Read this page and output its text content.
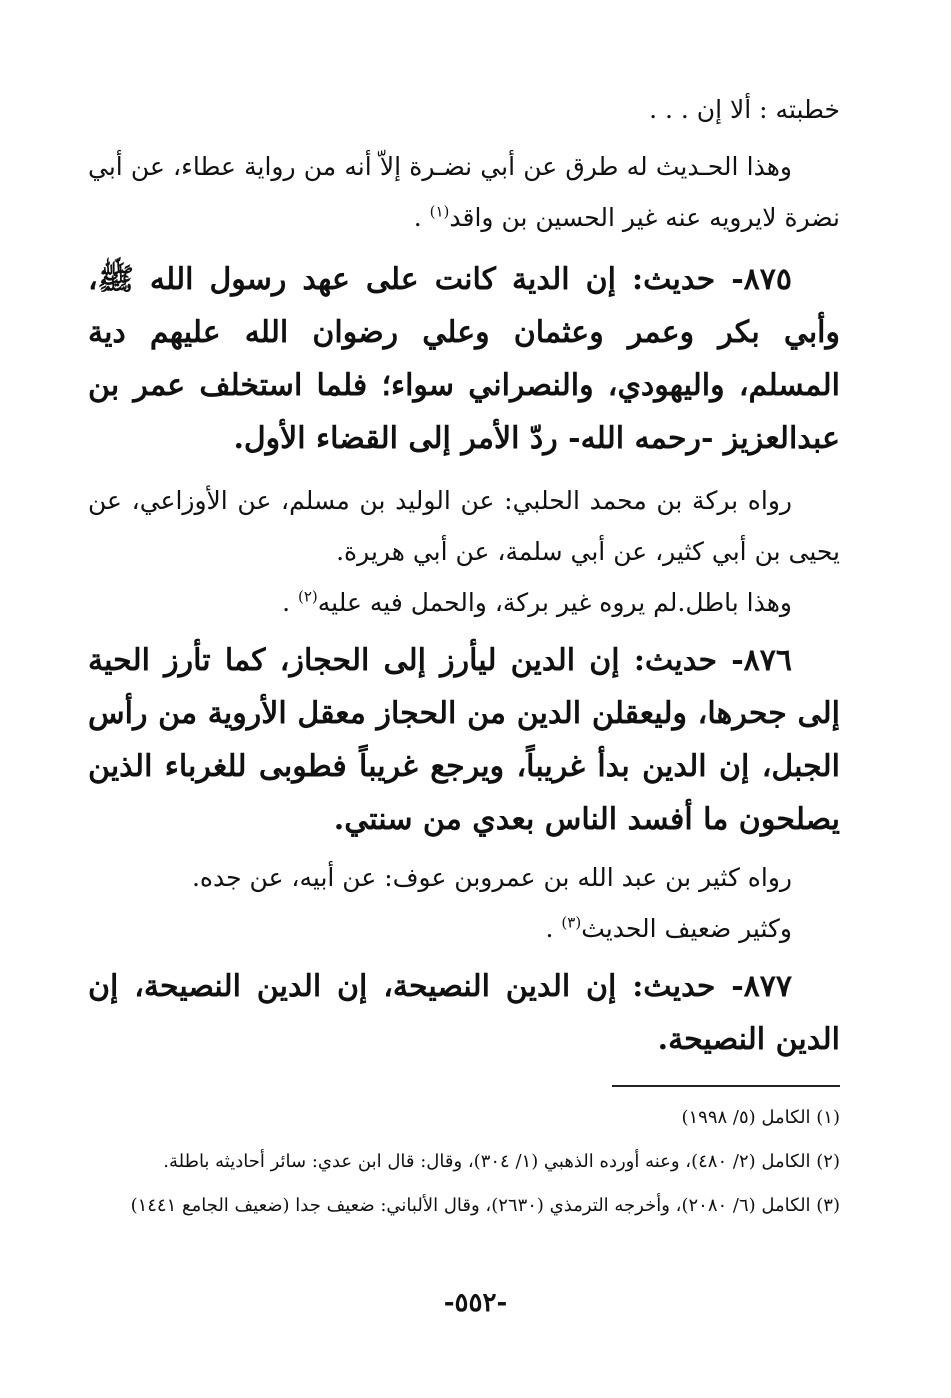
خطبته : ألا إن . . .

وهذا الحـديث له طرق عن أبي نضـرة إلاّ أنه من رواية عطاء، عن أبي نضرة لايرويه عنه غير الحسين بن واقد$^{(١)}$ .

٨٧٥- حديث: إن الدية كانت على عهد رسول الله ﷺ، وأبي بكر وعمر وعثمان وعلي رضوان الله عليهم دية المسلم، واليهودي، والنصراني سواء؛ فلما استخلف عمر بن عبدالعزيز -رحمه الله- ردّ الأمر إلى القضاء الأول.

رواه بركة بن محمد الحلبي: عن الوليد بن مسلم، عن الأوزاعي، عن يحيى بن أبي كثير، عن أبي سلمة، عن أبي هريرة.

وهذا باطل.لم يروه غير بركة، والحمل فيه عليه$^{(٢)}$ .

٨٧٦- حديث: إن الدين ليأرز إلى الحجاز، كما تأرز الحية إلى جحرها، وليعقلن الدين من الحجاز معقل الأروية من رأس الجبل، إن الدين بدأ غريباً، ويرجع غريباً فطوبى للغرباء الذين يصلحون ما أفسد الناس بعدي من سنتي.

رواه كثير بن عبد الله بن عمروبن عوف: عن أبيه، عن جده.

وكثير ضعيف الحديث$^{(٣)}$ .

٨٧٧- حديث: إن الدين النصيحة، إن الدين النصيحة، إن الدين النصيحة.

(١) الكامل (٥/ ١٩٩٨)

(٢) الكامل (٢/ ٤٨٠)، وعنه أورده الذهبي (١/ ٣٠٤)، وقال: قال ابن عدي: سائر أحاديثه باطلة.

(٣) الكامل (٦/ ٢٠٨٠)، وأخرجه الترمذي (٢٦٣٠)، وقال الألباني: ضعيف جدا (ضعيف الجامع ١٤٤١)

-٥٥٢-
